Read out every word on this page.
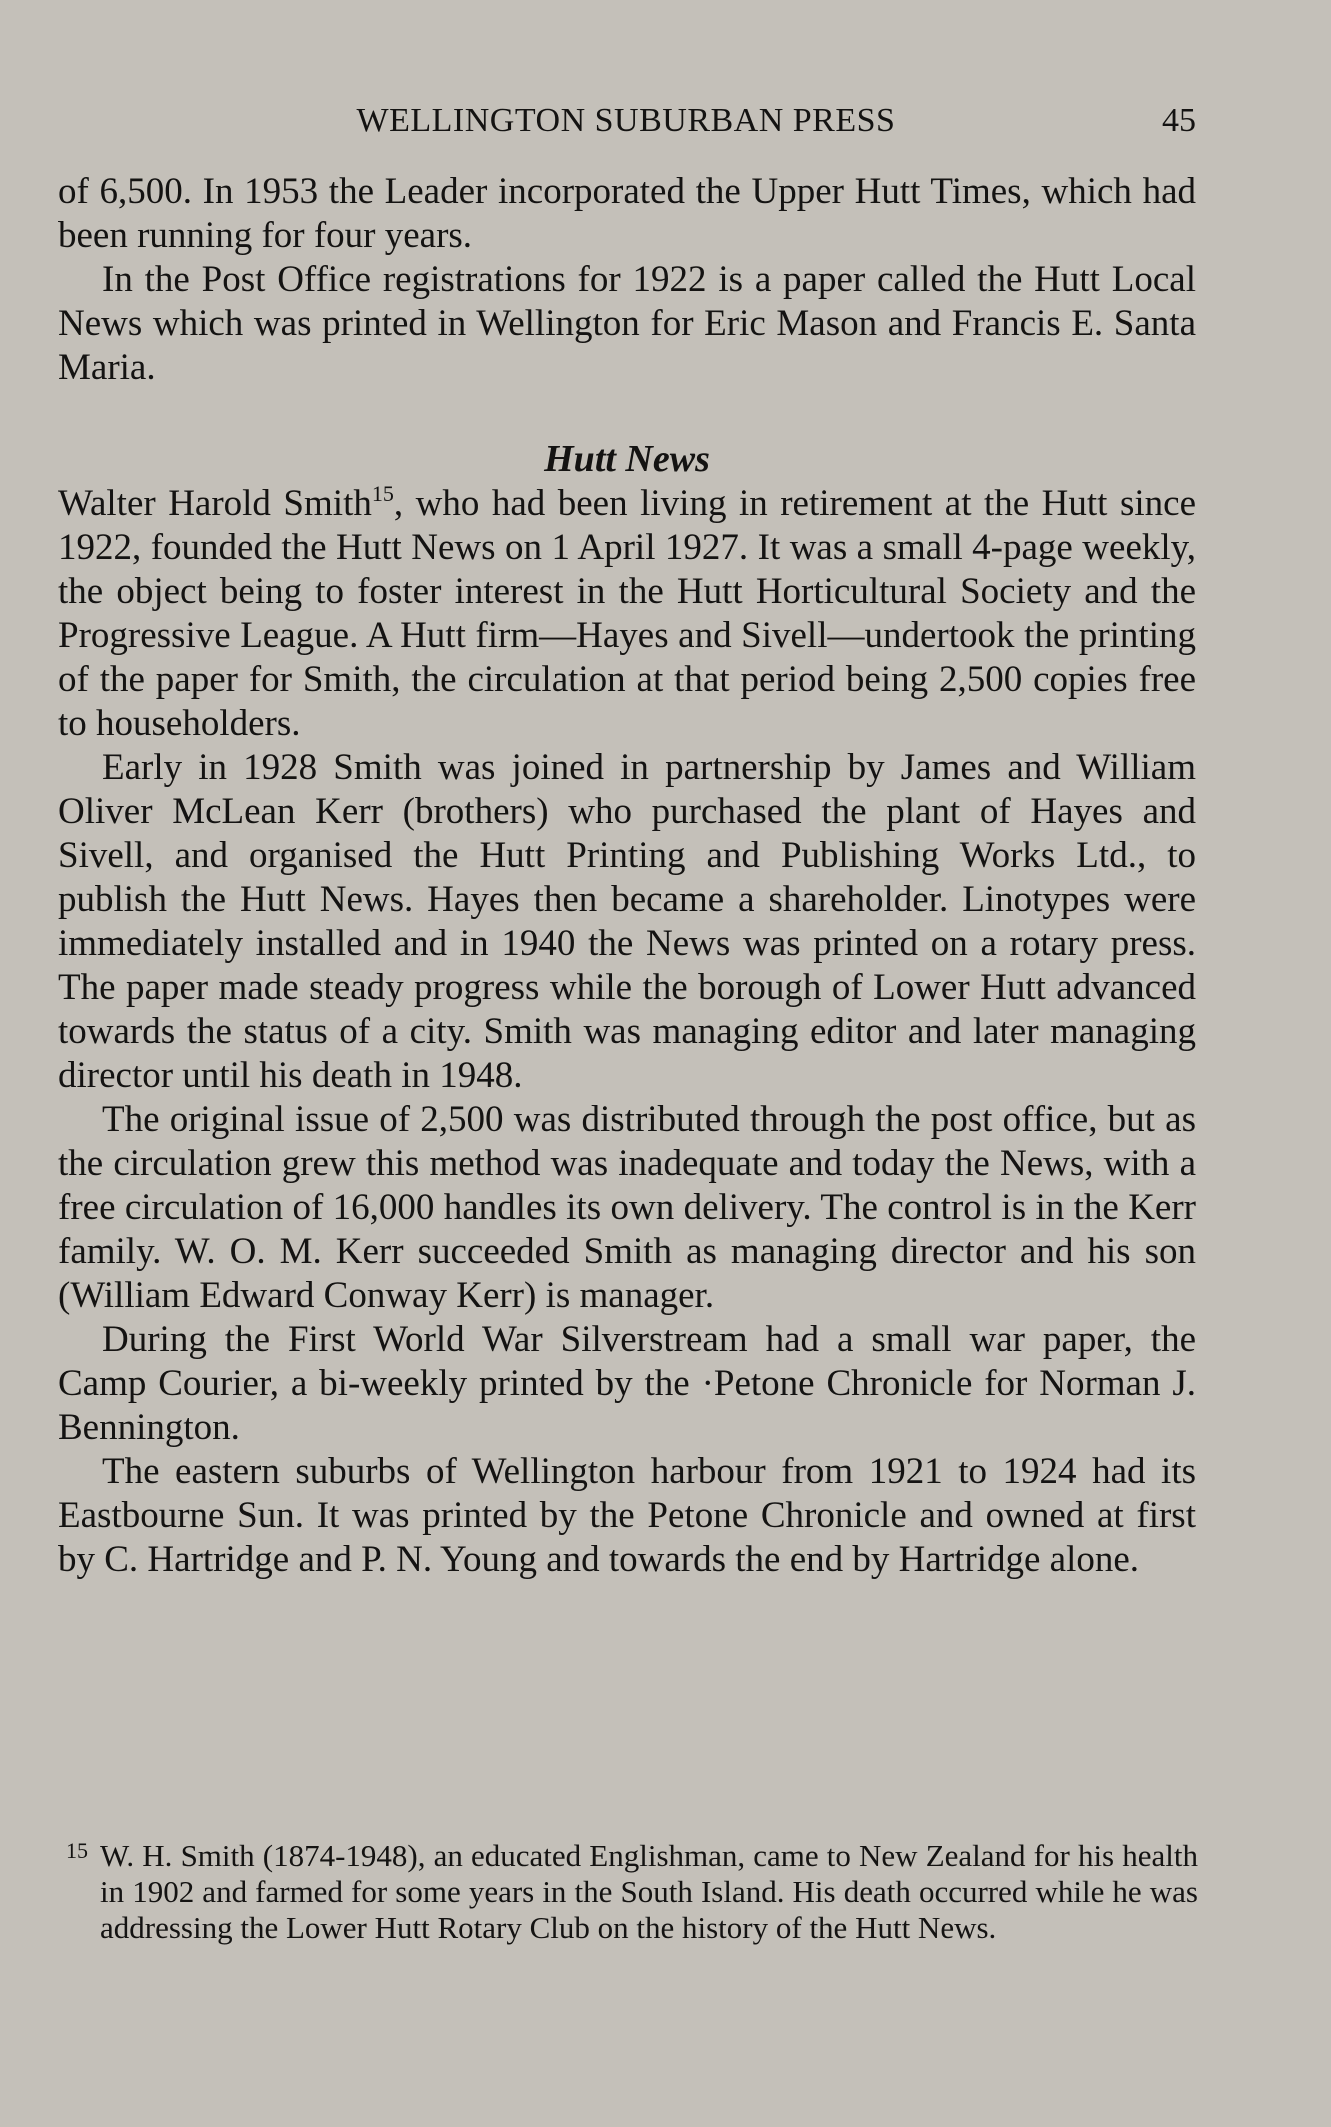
WELLINGTON SUBURBAN PRESS	45

of 6,500. In 1953 the Leader incorporated the Upper Hutt Times, which had been running for four years.

In the Post Office registrations for 1922 is a paper called the Hutt Local News which was printed in Wellington for Eric Mason and Francis E. Santa Maria.

Hutt News

Walter Harold Smith$^{15}$, who had been living in retirement at the Hutt since 1922, founded the Hutt News on 1 April 1927. It was a small 4-page weekly, the object being to foster interest in the Hutt Horticultural Society and the Progressive League. A Hutt firm—Hayes and Sivell—undertook the printing of the paper for Smith, the circulation at that period being 2,500 copies free to householders.

Early in 1928 Smith was joined in partnership by James and William Oliver McLean Kerr (brothers) who purchased the plant of Hayes and Sivell, and organised the Hutt Printing and Publishing Works Ltd., to publish the Hutt News. Hayes then became a shareholder. Linotypes were immediately installed and in 1940 the News was printed on a rotary press. The paper made steady progress while the borough of Lower Hutt advanced towards the status of a city. Smith was managing editor and later managing director until his death in 1948.

The original issue of 2,500 was distributed through the post office, but as the circulation grew this method was inadequate and today the News, with a free circulation of 16,000 handles its own delivery. The control is in the Kerr family. W. O. M. Kerr succeeded Smith as managing director and his son (William Edward Conway Kerr) is manager.

During the First World War Silverstream had a small war paper, the Camp Courier, a bi-weekly printed by the ·Petone Chronicle for Norman J. Bennington.

The eastern suburbs of Wellington harbour from 1921 to 1924 had its Eastbourne Sun. It was printed by the Petone Chronicle and owned at first by C. Hartridge and P. N. Young and towards the end by Hartridge alone.

15 W. H. Smith (1874-1948), an educated Englishman, came to New Zealand for his health in 1902 and farmed for some years in the South Island. His death occurred while he was addressing the Lower Hutt Rotary Club on the history of the Hutt News.
